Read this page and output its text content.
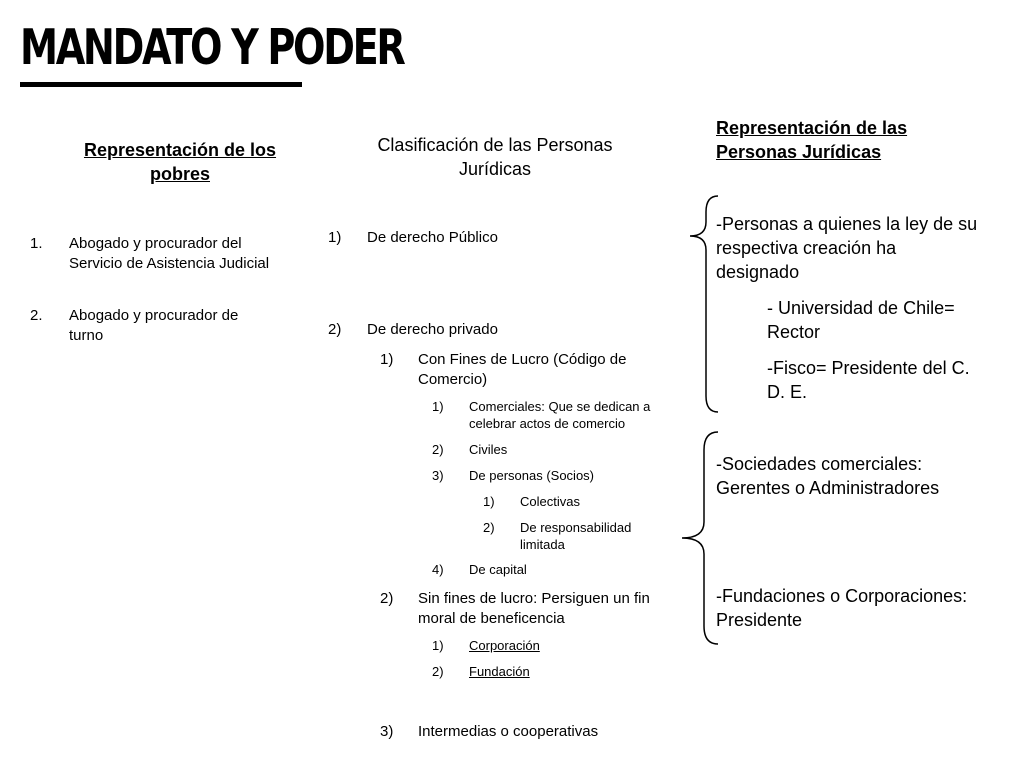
MANDATO Y PODER
Representación de los pobres
1. Abogado y procurador del Servicio de Asistencia Judicial
2. Abogado y procurador de turno
Clasificación de las Personas Jurídicas
1) De derecho Público
2) De derecho privado
1) Con Fines de Lucro (Código de Comercio)
1) Comerciales: Que se dedican a celebrar actos de comercio
2) Civiles
3) De personas (Socios)
1) Colectivas
2) De responsabilidad limitada
4) De capital
2) Sin fines de lucro: Persiguen un fin moral de beneficencia
1) Corporación
2) Fundación
3) Intermedias o cooperativas
Representación de las Personas Jurídicas
-Personas a quienes la ley de su respectiva creación ha designado
- Universidad de Chile= Rector
-Fisco= Presidente del C. D. E.
-Sociedades comerciales: Gerentes o Administradores
-Fundaciones o Corporaciones: Presidente
